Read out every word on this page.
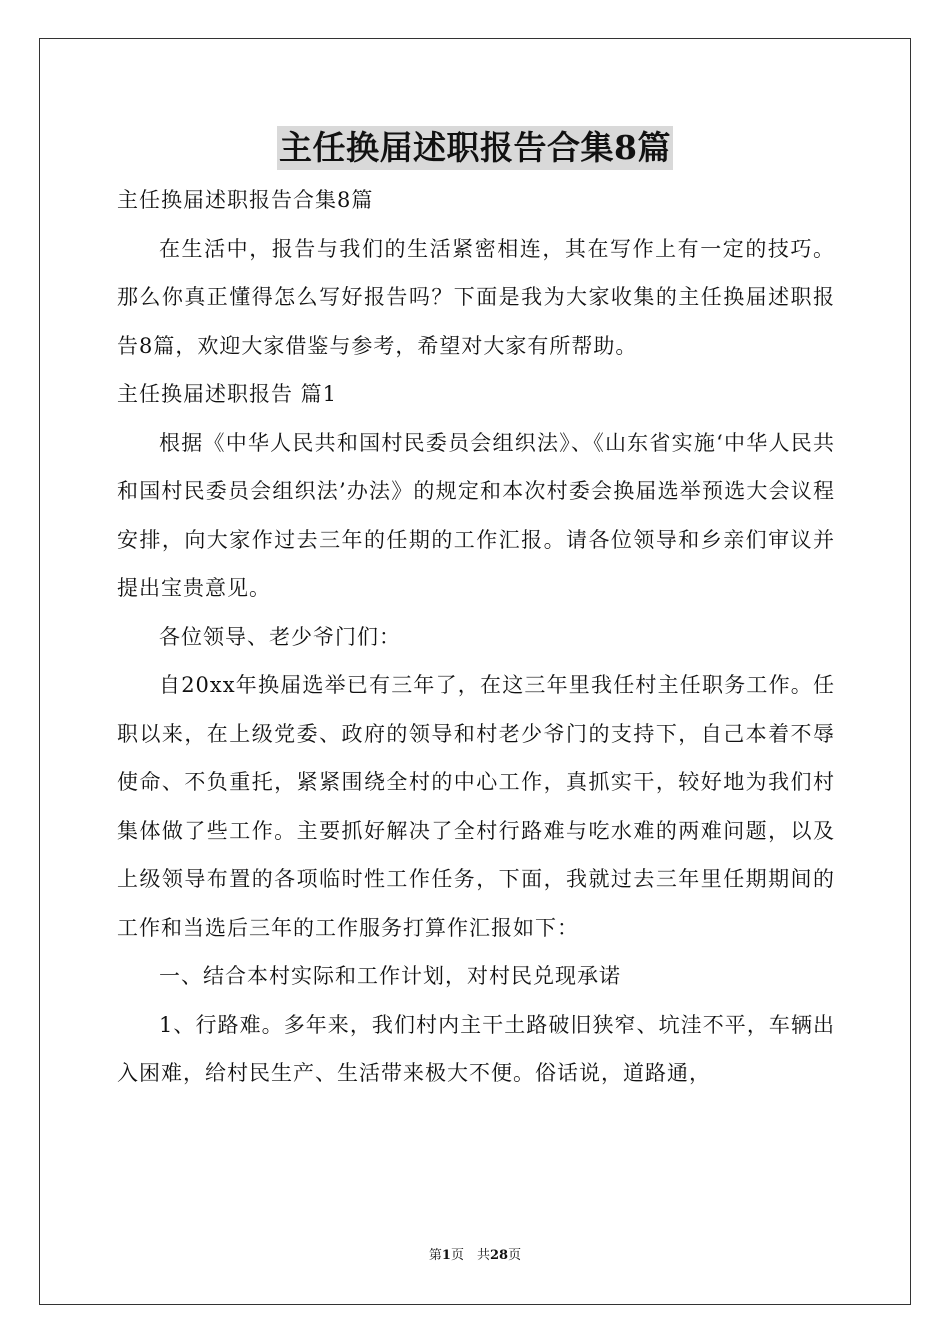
主任换届述职报告合集8篇

主任换届述职报告合集8篇

在生活中，报告与我们的生活紧密相连，其在写作上有一定的技巧。那么你真正懂得怎么写好报告吗？下面是我为大家收集的主任换届述职报告8篇，欢迎大家借鉴与参考，希望对大家有所帮助。

主任换届述职报告 篇1

根据《中华人民共和国村民委员会组织法》、《山东省实施‘中华人民共和国村民委员会组织法’办法》的规定和本次村委会换届选举预选大会议程安排，向大家作过去三年的任期的工作汇报。请各位领导和乡亲们审议并提出宝贵意见。

各位领导、老少爷门们：

自20xx年换届选举已有三年了，在这三年里我任村主任职务工作。任职以来，在上级党委、政府的领导和村老少爷门的支持下，自己本着不辱使命、不负重托，紧紧围绕全村的中心工作，真抓实干，较好地为我们村集体做了些工作。主要抓好解决了全村行路难与吃水难的两难问题，以及上级领导布置的各项临时性工作任务，下面，我就过去三年里任期期间的工作和当选后三年的工作服务打算作汇报如下：

一、结合本村实际和工作计划，对村民兑现承诺

1、行路难。多年来，我们村内主干土路破旧狭窄、坑洼不平，车辆出入困难，给村民生产、生活带来极大不便。俗话说，道路通，

第1页　共28页
